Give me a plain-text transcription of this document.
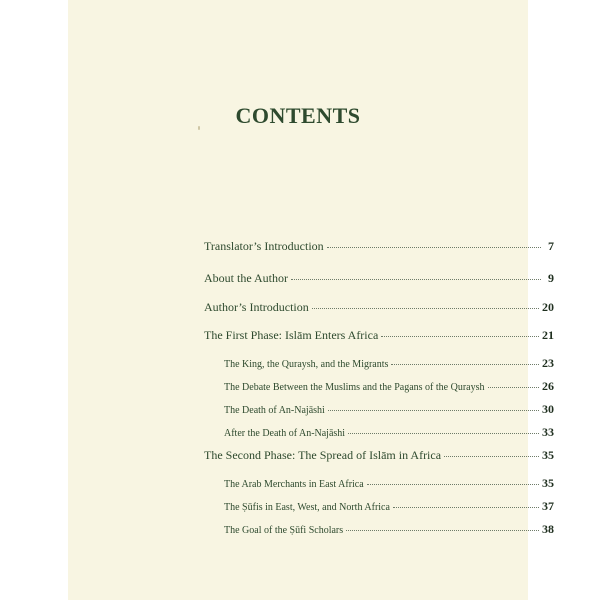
CONTENTS
Translator’s Introduction	7
About the Author	9
Author’s Introduction	20
The First Phase: Islām Enters Africa	21
The King, the Quraysh, and the Migrants	23
The Debate Between the Muslims and the Pagans of the Quraysh	26
The Death of An-Najāshi	30
After the Death of An-Najāshi	33
The Second Phase: The Spread of Islām in Africa	35
The Arab Merchants in East Africa	35
The Ṣūfis in East, West, and North Africa	37
The Goal of the Ṣūfi Scholars	38
